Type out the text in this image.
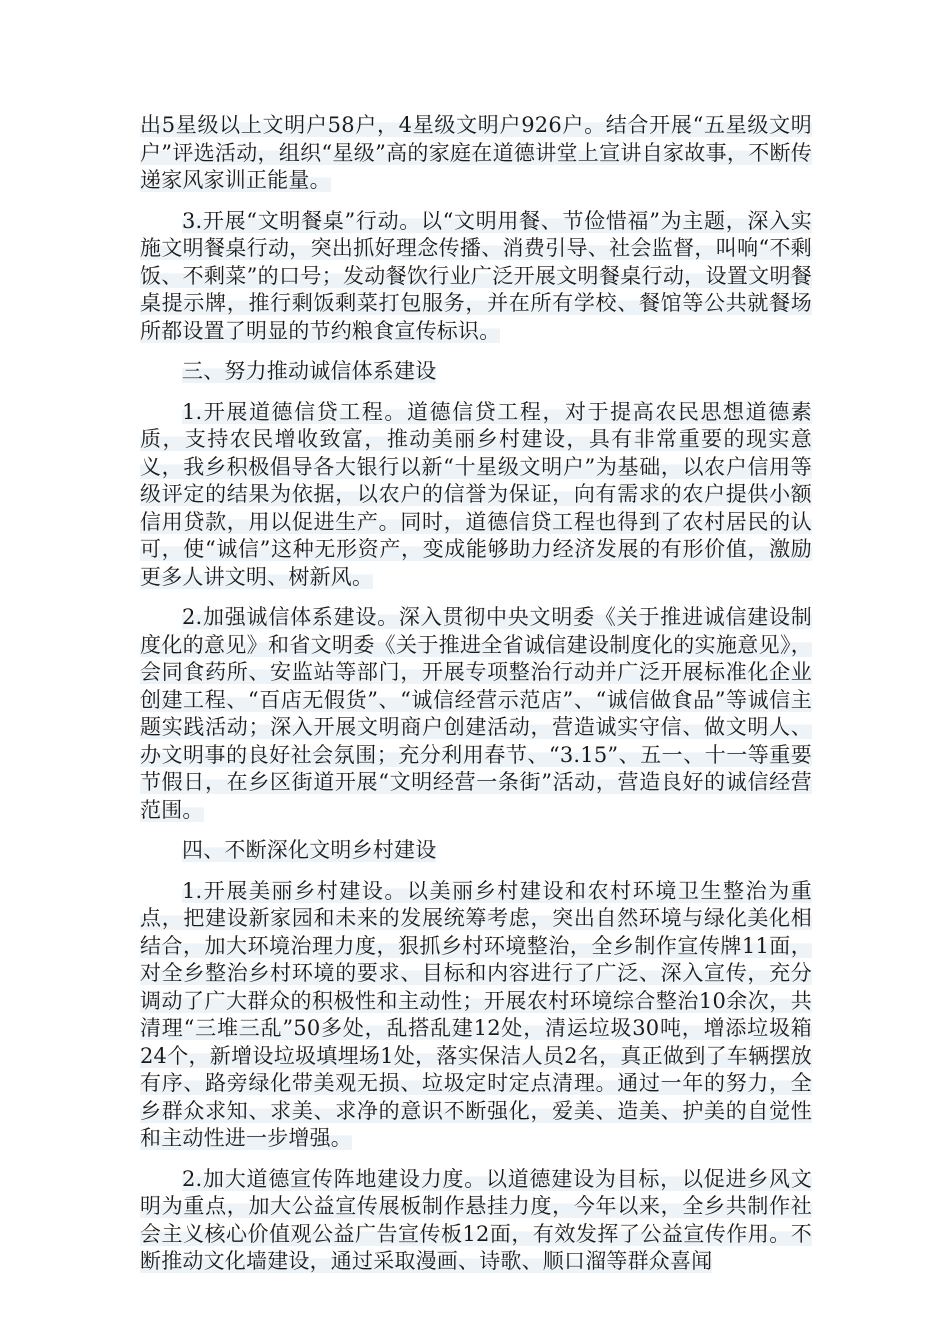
出5星级以上文明户58户，4星级文明户926户。结合开展“五星级文明户”评选活动，组织“星级”高的家庭在道德讲堂上宣讲自家故事，不断传递家风家训正能量。

3.开展“文明餐桌”行动。以“文明用餐、节俭惜福”为主题，深入实施文明餐桌行动，突出抓好理念传播、消费引导、社会监督，叫响“不剩饭、不剩菜”的口号；发动餐饮行业广泛开展文明餐桌行动，设置文明餐桌提示牌，推行剩饭剩菜打包服务，并在所有学校、餐馆等公共就餐场所都设置了明显的节约粮食宣传标识。

三、努力推动诚信体系建设

1.开展道德信贷工程。道德信贷工程，对于提高农民思想道德素质，支持农民增收致富，推动美丽乡村建设，具有非常重要的现实意义，我乡积极倡导各大银行以新“十星级文明户”为基础，以农户信用等级评定的结果为依据，以农户的信誉为保证，向有需求的农户提供小额信用贷款，用以促进生产。同时，道德信贷工程也得到了农村居民的认可，使“诚信”这种无形资产，变成能够助力经济发展的有形价值，激励更多人讲文明、树新风。

2.加强诚信体系建设。深入贯彻中央文明委《关于推进诚信建设制度化的意见》和省文明委《关于推进全省诚信建设制度化的实施意见》，会同食药所、安监站等部门，开展专项整治行动并广泛开展标准化企业创建工程、“百店无假货”、“诚信经营示范店”、“诚信做食品”等诚信主题实践活动；深入开展文明商户创建活动，营造诚实守信、做文明人、办文明事的良好社会氛围；充分利用春节、“3.15”、五一、十一等重要节假日，在乡区街道开展“文明经营一条街”活动，营造良好的诚信经营范围。

四、不断深化文明乡村建设

1.开展美丽乡村建设。以美丽乡村建设和农村环境卫生整治为重点，把建设新家园和未来的发展统筹考虑，突出自然环境与绿化美化相结合，加大环境治理力度，狠抓乡村环境整治，全乡制作宣传牌11面，对全乡整治乡村环境的要求、目标和内容进行了广泛、深入宣传，充分调动了广大群众的积极性和主动性；开展农村环境综合整治10余次，共清理“三堆三乱”50多处，乱搭乱建12处，清运垃圾30吨，增添垃圾箱24个，新增设垃圾填埋场1处，落实保洁人员2名，真正做到了车辆摆放有序、路旁绿化带美观无损、垃圾定时定点清理。通过一年的努力，全乡群众求知、求美、求净的意识不断强化，爱美、造美、护美的自觉性和主动性进一步增强。

2.加大道德宣传阵地建设力度。以道德建设为目标，以促进乡风文明为重点，加大公益宣传展板制作悬挂力度，今年以来，全乡共制作社会主义核心价值观公益广告宣传板12面，有效发挥了公益宣传作用。不断推动文化墙建设，通过采取漫画、诗歌、顺口溜等群众喜闻
